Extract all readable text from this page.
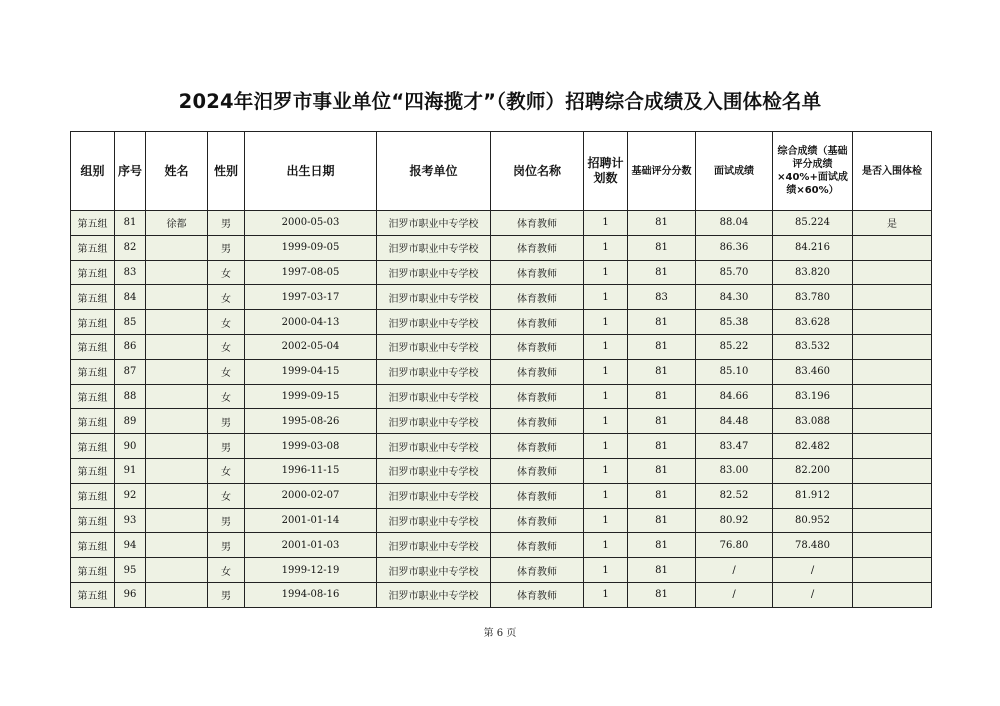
2024年汨罗市事业单位“四海揽才”（教师）招聘综合成绩及入围体检名单
组别	序号	姓名	性别	出生日期	报考单位	岗位名称	招聘计划数	基础评分分数	面试成绩	综合成绩（基础评分成绩×40%+面试成绩×60%）	是否入围体检
第五组	81	徐都	男	2000-05-03	汨罗市职业中专学校	体育教师	1	81	88.04	85.224	是
第五组	82		男	1999-09-05	汨罗市职业中专学校	体育教师	1	81	86.36	84.216	
第五组	83		女	1997-08-05	汨罗市职业中专学校	体育教师	1	81	85.70	83.820	
第五组	84		女	1997-03-17	汨罗市职业中专学校	体育教师	1	83	84.30	83.780	
第五组	85		女	2000-04-13	汨罗市职业中专学校	体育教师	1	81	85.38	83.628	
第五组	86		女	2002-05-04	汨罗市职业中专学校	体育教师	1	81	85.22	83.532	
第五组	87		女	1999-04-15	汨罗市职业中专学校	体育教师	1	81	85.10	83.460	
第五组	88		女	1999-09-15	汨罗市职业中专学校	体育教师	1	81	84.66	83.196	
第五组	89		男	1995-08-26	汨罗市职业中专学校	体育教师	1	81	84.48	83.088	
第五组	90		男	1999-03-08	汨罗市职业中专学校	体育教师	1	81	83.47	82.482	
第五组	91		女	1996-11-15	汨罗市职业中专学校	体育教师	1	81	83.00	82.200	
第五组	92		女	2000-02-07	汨罗市职业中专学校	体育教师	1	81	82.52	81.912	
第五组	93		男	2001-01-14	汨罗市职业中专学校	体育教师	1	81	80.92	80.952	
第五组	94		男	2001-01-03	汨罗市职业中专学校	体育教师	1	81	76.80	78.480	
第五组	95		女	1999-12-19	汨罗市职业中专学校	体育教师	1	81	/	/	
第五组	96		男	1994-08-16	汨罗市职业中专学校	体育教师	1	81	/	/	
第 6 页
